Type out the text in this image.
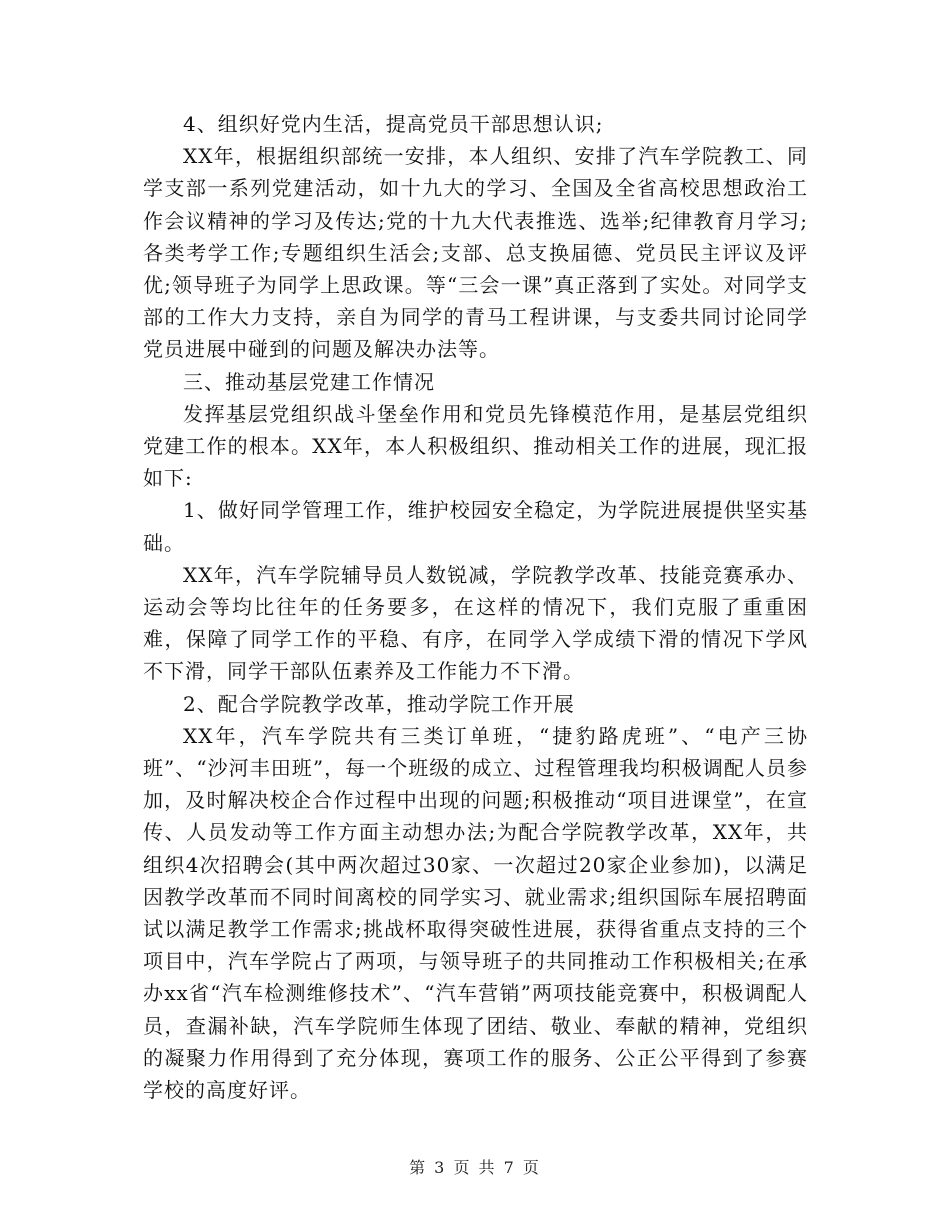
4、组织好党内生活，提高党员干部思想认识;

XX年，根据组织部统一安排，本人组织、安排了汽车学院教工、同学支部一系列党建活动，如十九大的学习、全国及全省高校思想政治工作会议精神的学习及传达;党的十九大代表推选、选举;纪律教育月学习;各类考学工作;专题组织生活会;支部、总支换届德、党员民主评议及评优;领导班子为同学上思政课。等“三会一课”真正落到了实处。对同学支部的工作大力支持，亲自为同学的青马工程讲课，与支委共同讨论同学党员进展中碰到的问题及解决办法等。

三、推动基层党建工作情况

发挥基层党组织战斗堡垒作用和党员先锋模范作用，是基层党组织党建工作的根本。XX年，本人积极组织、推动相关工作的进展，现汇报如下:

1、做好同学管理工作，维护校园安全稳定，为学院进展提供坚实基础。

XX年，汽车学院辅导员人数锐减，学院教学改革、技能竞赛承办、运动会等均比往年的任务要多，在这样的情况下，我们克服了重重困难，保障了同学工作的平稳、有序，在同学入学成绩下滑的情况下学风不下滑，同学干部队伍素养及工作能力不下滑。

2、配合学院教学改革，推动学院工作开展

XX年，汽车学院共有三类订单班，“捷豹路虎班”、“电产三协班”、“沙河丰田班”，每一个班级的成立、过程管理我均积极调配人员参加，及时解决校企合作过程中出现的问题;积极推动“项目进课堂”，在宣传、人员发动等工作方面主动想办法;为配合学院教学改革，XX年，共组织4次招聘会(其中两次超过30家、一次超过20家企业参加)，以满足因教学改革而不同时间离校的同学实习、就业需求;组织国际车展招聘面试以满足教学工作需求;挑战杯取得突破性进展，获得省重点支持的三个项目中，汽车学院占了两项，与领导班子的共同推动工作积极相关;在承办xx省“汽车检测维修技术”、“汽车营销”两项技能竞赛中，积极调配人员，查漏补缺，汽车学院师生体现了团结、敬业、奉献的精神，党组织的凝聚力作用得到了充分体现，赛项工作的服务、公正公平得到了参赛学校的高度好评。

第 3 页 共 7 页
